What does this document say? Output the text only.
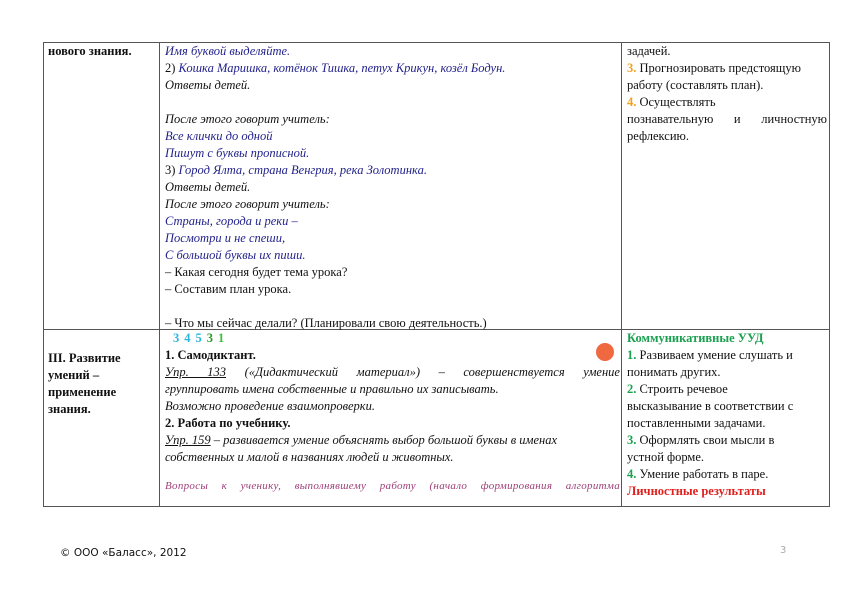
нового знания.	Имя буквой выделяйте.
2) Кошка Маришка, котёнок Тишка, петух Крикун, козёл Бодун.
Ответы детей.
После этого говорит учитель:
Все клички до одной
Пишут с буквы прописной.
3) Город Ялта, страна Венгрия, река Золотинка.
Ответы детей.
После этого говорит учитель:
Страны, города и реки –
Посмотри и не спеши,
С большой буквы их пиши.
– Какая сегодня будет тема урока?
– Составим план урока.
– Что мы сейчас делали? (Планировали свою деятельность.)
задачей.
3. Прогнозировать предстоящую
работу (составлять план).
4. Осуществлять
познавательную и личностную
рефлексию.
III. Развитие
умений –
применение
знания.
3 4 5 3 1
1. Самодиктант.
Упр. 133 («Дидактический материал») – совершенствуется умение
группировать имена собственные и правильно их записывать.
Возможно проведение взаимопроверки.
2. Работа по учебнику.
Упр. 159 – развивается умение объяснять выбор большой буквы в именах
собственных и малой в названиях людей и животных.
Вопросы к ученику, выполнявшему работу (начало формирования алгоритма
Коммуникативные УУД
1. Развиваем умение слушать и
понимать других.
2. Строить речевое
высказывание в соответствии с
поставленными задачами.
3. Оформлять свои мысли в
устной форме.
4. Умение работать в паре.
Личностные результаты
© ООО «Баласс», 2012	3
